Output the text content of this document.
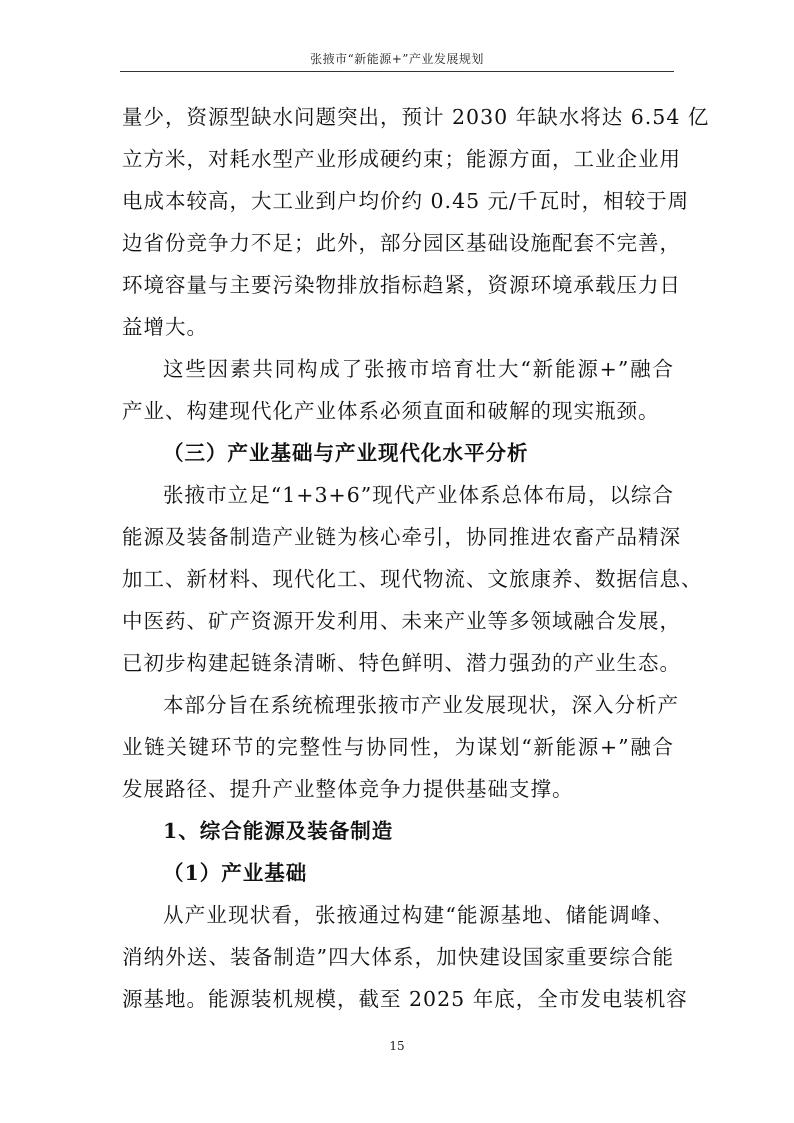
张掖市“新能源+”产业发展规划

量少，资源型缺水问题突出，预计 2030 年缺水将达 6.54 亿

立方米，对耗水型产业形成硬约束；能源方面，工业企业用

电成本较高，大工业到户均价约 0.45 元/千瓦时，相较于周

边省份竞争力不足；此外，部分园区基础设施配套不完善，

环境容量与主要污染物排放指标趋紧，资源环境承载压力日

益增大。

这些因素共同构成了张掖市培育壮大“新能源+”融合

产业、构建现代化产业体系必须直面和破解的现实瓶颈。

（三）产业基础与产业现代化水平分析

张掖市立足“1+3+6”现代产业体系总体布局，以综合

能源及装备制造产业链为核心牵引，协同推进农畜产品精深

加工、新材料、现代化工、现代物流、文旅康养、数据信息、

中医药、矿产资源开发利用、未来产业等多领域融合发展，

已初步构建起链条清晰、特色鲜明、潜力强劲的产业生态。

本部分旨在系统梳理张掖市产业发展现状，深入分析产

业链关键环节的完整性与协同性，为谋划“新能源+”融合

发展路径、提升产业整体竞争力提供基础支撑。

1、综合能源及装备制造

（1）产业基础

从产业现状看，张掖通过构建“能源基地、储能调峰、

消纳外送、装备制造”四大体系，加快建设国家重要综合能

源基地。能源装机规模，截至 2025 年底，全市发电装机容

15
